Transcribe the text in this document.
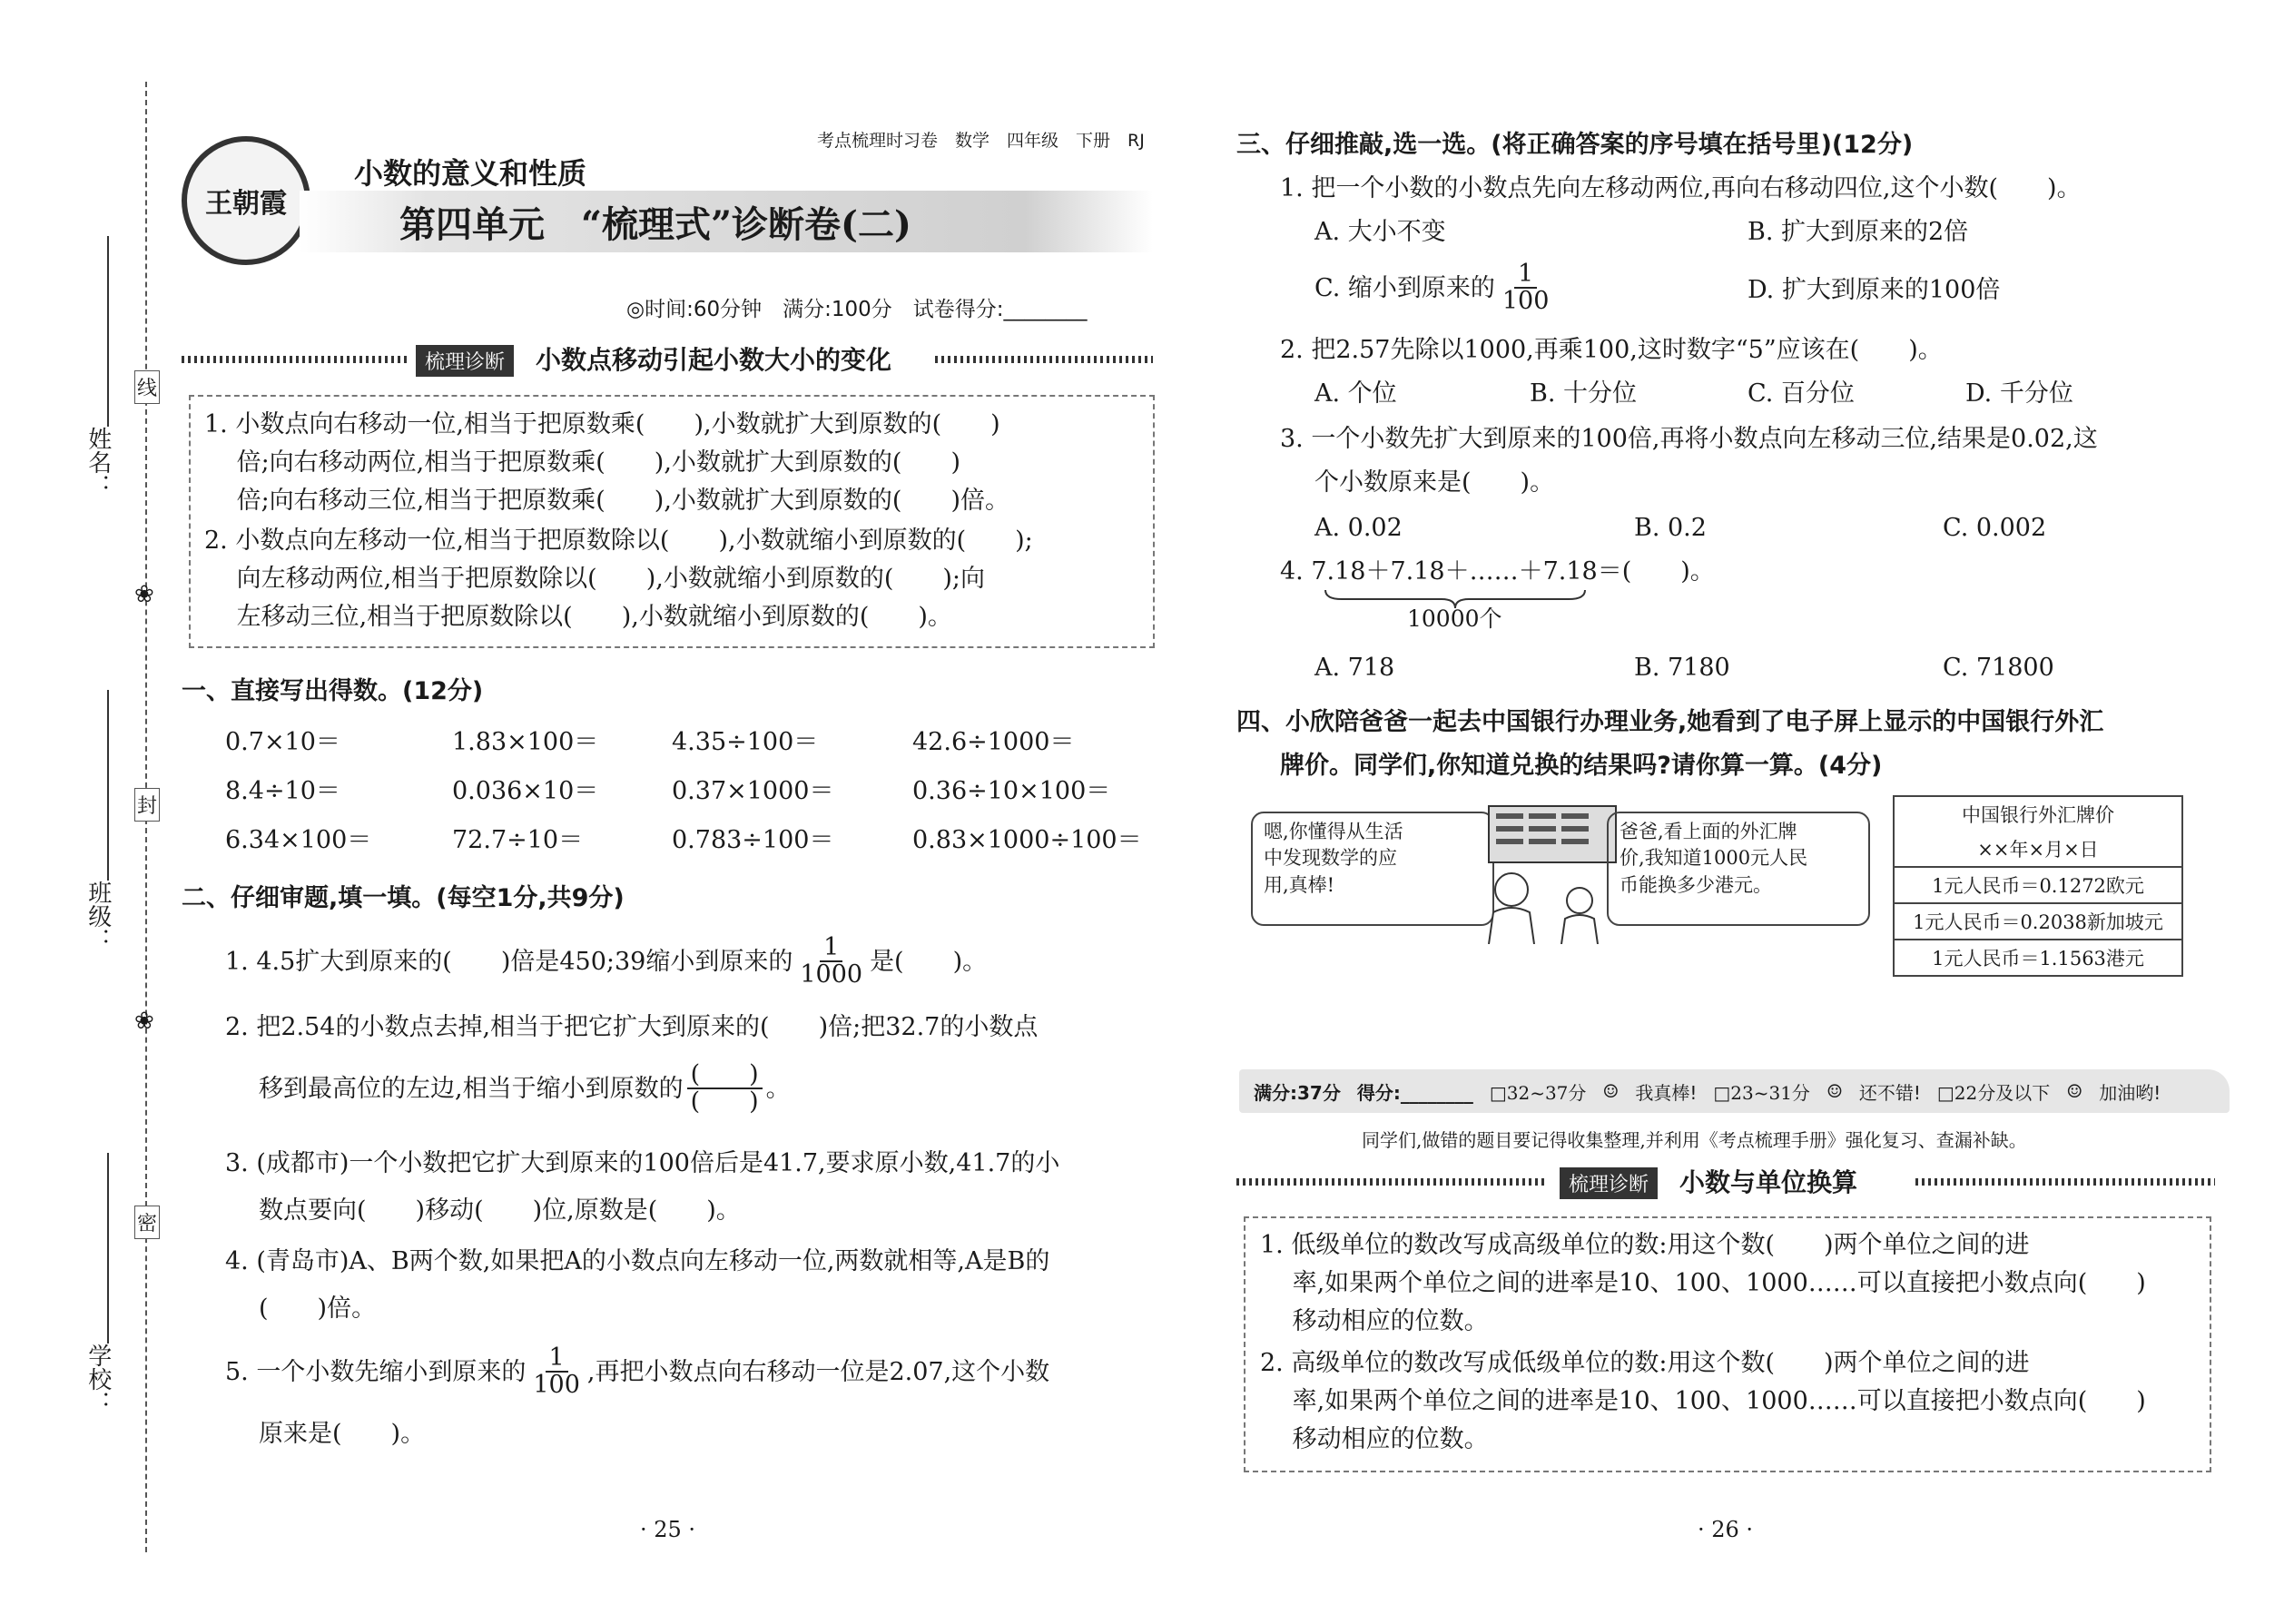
姓名：
班级：
学校：
线
封
密
❀
❀
王朝霞
考点梳理时习卷　数学　四年级　下册　RJ
小数的意义和性质
第四单元　“梳理式”诊断卷(二)
◎时间:60分钟　满分:100分　试卷得分:________
梳理诊断	小数点移动引起小数大小的变化
1. 小数点向右移动一位,相当于把原数乘(　　),小数就扩大到原数的(　　)
　 倍;向右移动两位,相当于把原数乘(　　),小数就扩大到原数的(　　)
　 倍;向右移动三位,相当于把原数乘(　　),小数就扩大到原数的(　　)倍。
2. 小数点向左移动一位,相当于把原数除以(　　),小数就缩小到原数的(　　);
　 向左移动两位,相当于把原数除以(　　),小数就缩小到原数的(　　);向
　 左移动三位,相当于把原数除以(　　),小数就缩小到原数的(　　)。
一、直接写出得数。(12分)
0.7×10＝	1.83×100＝	4.35÷100＝	42.6÷1000＝
8.4÷10＝	0.036×10＝	0.37×1000＝	0.36÷10×100＝
6.34×100＝	72.7÷10＝	0.783÷100＝	0.83×1000÷100＝
二、仔细审题,填一填。(每空1分,共9分)
1. 4.5扩大到原来的(　　)倍是450;39缩小到原来的 $\frac{1}{1000}$ 是(　　)。
2. 把2.54的小数点去掉,相当于把它扩大到原来的(　　)倍;把32.7的小数点
移到最高位的左边,相当于缩小到原数的 $\frac{( )}{( )}$ 。
3. (成都市)一个小数把它扩大到原来的100倍后是41.7,要求原小数,41.7的小
数点要向(　　)移动(　　)位,原数是(　　)。
4. (青岛市)A、B两个数,如果把A的小数点向左移动一位,两数就相等,A是B的
(　　)倍。
5. 一个小数先缩小到原来的 $\frac{1}{100}$ ,再把小数点向右移动一位是2.07,这个小数
原来是(　　)。
· 25 ·
三、仔细推敲,选一选。(将正确答案的序号填在括号里)(12分)
1. 把一个小数的小数点先向左移动两位,再向右移动四位,这个小数(　　)。
A. 大小不变	B. 扩大到原来的2倍
C. 缩小到原来的 $\frac{1}{100}$	D. 扩大到原来的100倍
2. 把2.57先除以1000,再乘100,这时数字“5”应该在(　　)。
A. 个位	B. 十分位	C. 百分位	D. 千分位
3. 一个小数先扩大到原来的100倍,再将小数点向左移动三位,结果是0.02,这
个小数原来是(　　)。
A. 0.02	B. 0.2	C. 0.002
4. 7.18＋7.18＋……＋7.18＝(　　)。
10000个
A. 718	B. 7180	C. 71800
四、小欣陪爸爸一起去中国银行办理业务,她看到了电子屏上显示的中国银行外汇
牌价。同学们,你知道兑换的结果吗?请你算一算。(4分)
嗯,你懂得从生活
中发现数学的应
用,真棒!
爸爸,看上面的外汇牌
价,我知道1000元人民
币能换多少港元。
中国银行外汇牌价
××年×月×日
1元人民币＝0.1272欧元
1元人民币＝0.2038新加坡元
1元人民币＝1.1563港元
满分:37分 得分:________ □32~37分 ☺ 我真棒! □23~31分 ☺ 还不错! □22分及以下 ☺ 加油哟!
同学们,做错的题目要记得收集整理,并利用《考点梳理手册》强化复习、查漏补缺。
梳理诊断	小数与单位换算
1. 低级单位的数改写成高级单位的数:用这个数(　　)两个单位之间的进
　 率,如果两个单位之间的进率是10、100、1000……可以直接把小数点向(　　)
　 移动相应的位数。
2. 高级单位的数改写成低级单位的数:用这个数(　　)两个单位之间的进
　 率,如果两个单位之间的进率是10、100、1000……可以直接把小数点向(　　)
　 移动相应的位数。
· 26 ·
